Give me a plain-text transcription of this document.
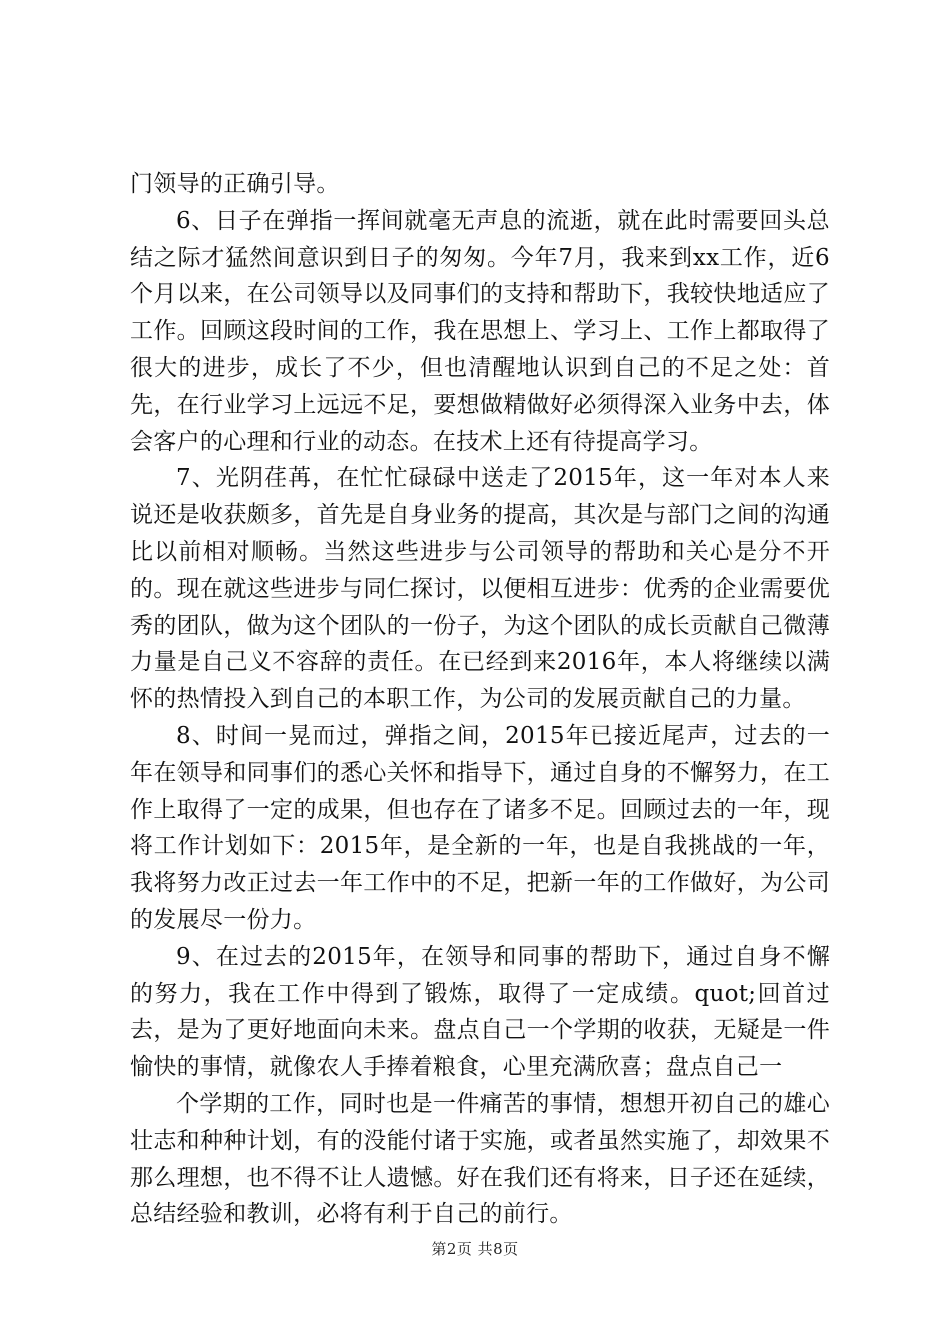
门领导的正确引导。

6、日子在弹指一挥间就毫无声息的流逝，就在此时需要回头总结之际才猛然间意识到日子的匆匆。今年7月，我来到xx工作，近6个月以来，在公司领导以及同事们的支持和帮助下，我较快地适应了工作。回顾这段时间的工作，我在思想上、学习上、工作上都取得了很大的进步，成长了不少，但也清醒地认识到自己的不足之处：首先，在行业学习上远远不足，要想做精做好必须得深入业务中去，体会客户的心理和行业的动态。在技术上还有待提高学习。

7、光阴荏苒，在忙忙碌碌中送走了2015年，这一年对本人来说还是收获颇多，首先是自身业务的提高，其次是与部门之间的沟通比以前相对顺畅。当然这些进步与公司领导的帮助和关心是分不开的。现在就这些进步与同仁探讨，以便相互进步：优秀的企业需要优秀的团队，做为这个团队的一份子，为这个团队的成长贡献自己微薄力量是自己义不容辞的责任。在已经到来2016年，本人将继续以满怀的热情投入到自己的本职工作，为公司的发展贡献自己的力量。

8、时间一晃而过，弹指之间，2015年已接近尾声，过去的一年在领导和同事们的悉心关怀和指导下，通过自身的不懈努力，在工作上取得了一定的成果，但也存在了诸多不足。回顾过去的一年，现将工作计划如下：2015年，是全新的一年，也是自我挑战的一年，我将努力改正过去一年工作中的不足，把新一年的工作做好，为公司的发展尽一份力。

9、在过去的2015年，在领导和同事的帮助下，通过自身不懈的努力，我在工作中得到了锻炼，取得了一定成绩。quot;回首过去，是为了更好地面向未来。盘点自己一个学期的收获，无疑是一件愉快的事情，就像农人手捧着粮食，心里充满欣喜；盘点自己一

个学期的工作，同时也是一件痛苦的事情，想想开初自己的雄心壮志和种种计划，有的没能付诸于实施，或者虽然实施了，却效果不那么理想，也不得不让人遗憾。好在我们还有将来，日子还在延续，总结经验和教训，必将有利于自己的前行。

第2页 共8页
